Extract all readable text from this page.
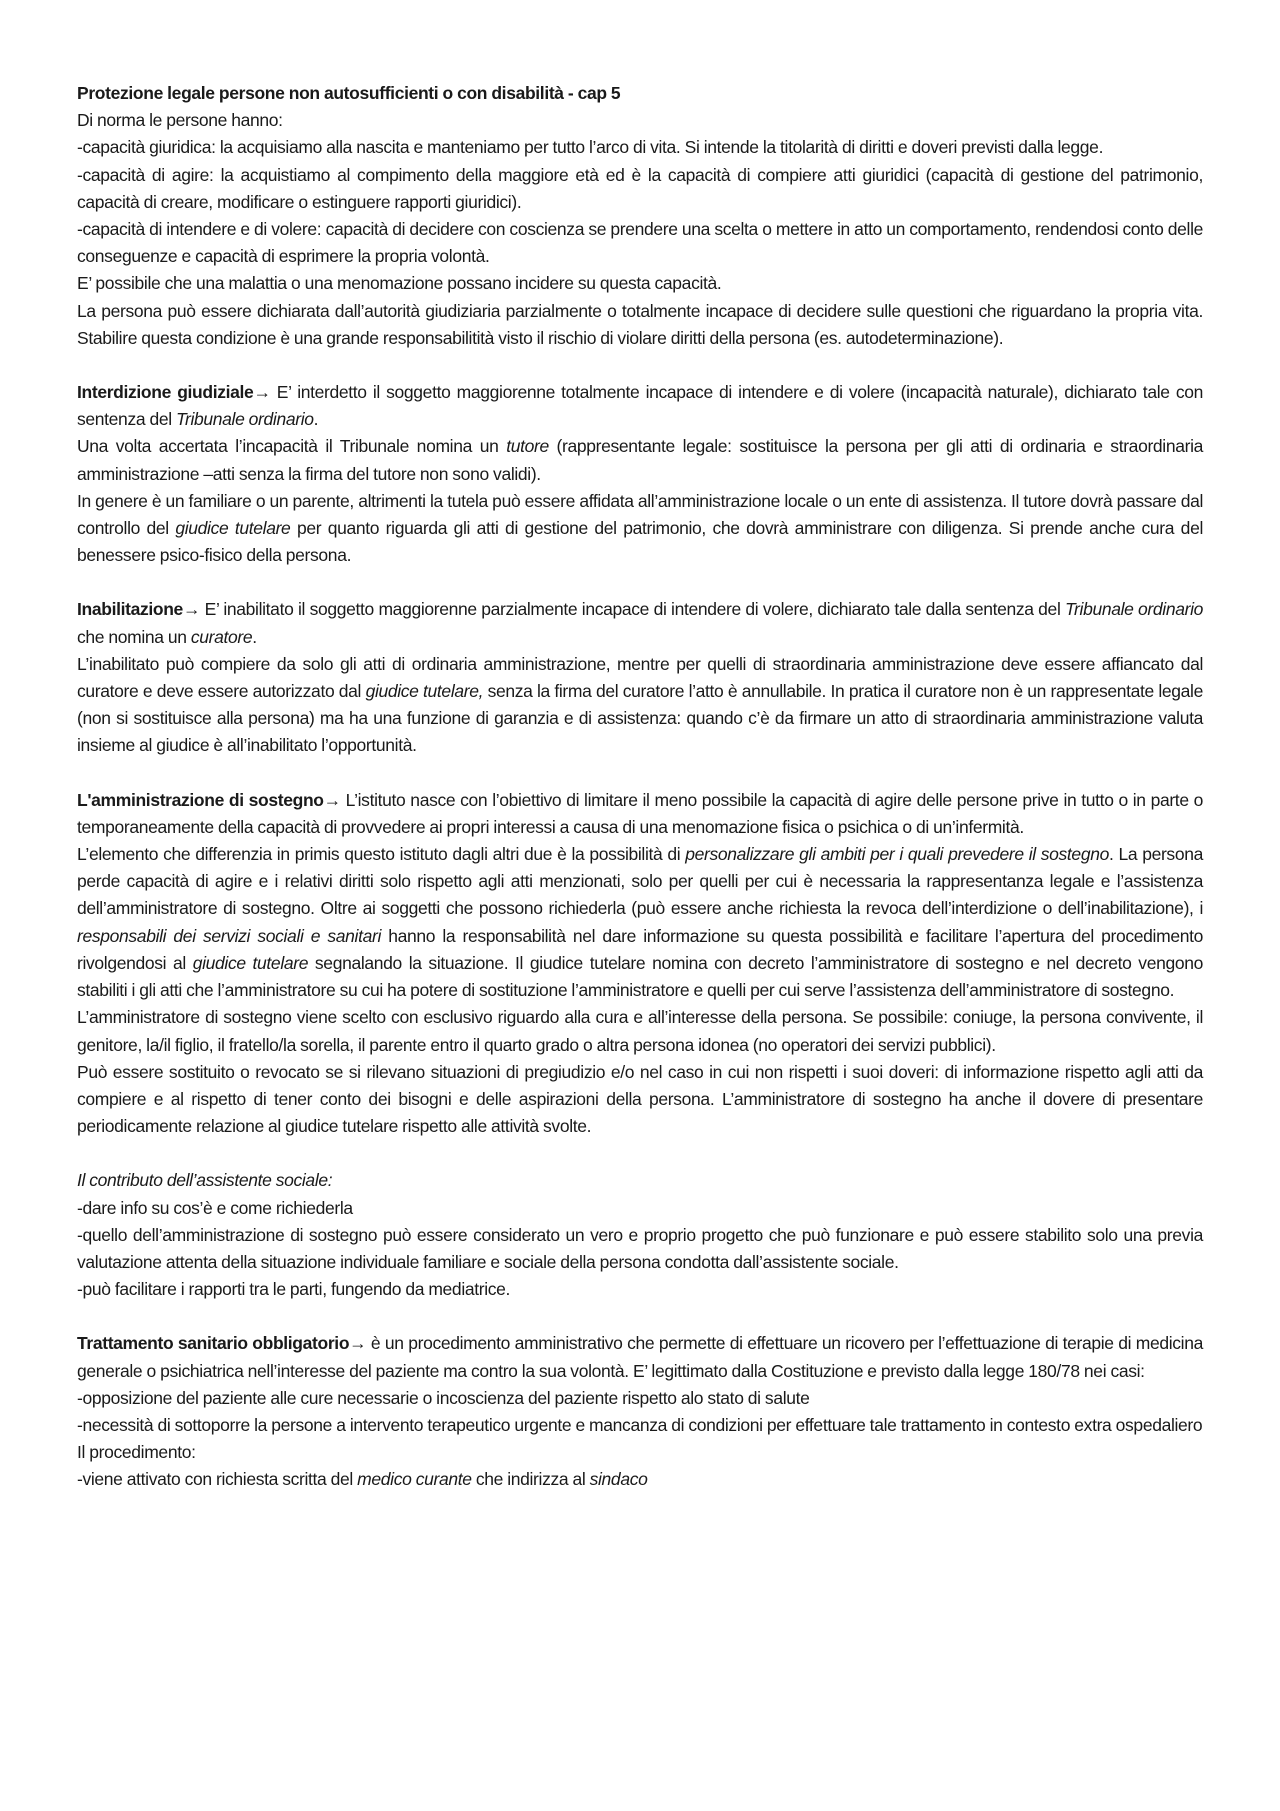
Protezione legale persone non autosufficienti o con disabilità - cap 5

Di norma le persone hanno:

-capacità giuridica: la acquisiamo alla nascita e manteniamo per tutto l’arco di vita. Si intende la titolarità di diritti e doveri previsti dalla legge.

-capacità di agire: la acquistiamo al compimento della maggiore età ed è la capacità di compiere atti giuridici (capacità di gestione del patrimonio, capacità di creare, modificare o estinguere rapporti giuridici).

-capacità di intendere e di volere: capacità di decidere con coscienza se prendere una scelta o mettere in atto un comportamento, rendendosi conto delle conseguenze e capacità di esprimere la propria volontà.

E’ possibile che una malattia o una menomazione possano incidere su questa capacità.

La persona può essere dichiarata dall’autorità giudiziaria parzialmente o totalmente incapace di decidere sulle questioni che riguardano la propria vita. Stabilire questa condizione è una grande responsabilitità visto il rischio di violare diritti della persona (es. autodeterminazione).

Interdizione giudiziale→ E’ interdetto il soggetto maggiorenne totalmente incapace di intendere e di volere (incapacità naturale), dichiarato tale con sentenza del Tribunale ordinario.

Una volta accertata l’incapacità il Tribunale nomina un tutore (rappresentante legale: sostituisce la persona per gli atti di ordinaria e straordinaria amministrazione –atti senza la firma del tutore non sono validi).

In genere è un familiare o un parente, altrimenti la tutela può essere affidata all’amministrazione locale o un ente di assistenza. Il tutore dovrà passare dal controllo del giudice tutelare per quanto riguarda gli atti di gestione del patrimonio, che dovrà amministrare con diligenza. Si prende anche cura del benessere psico-fisico della persona.

Inabilitazione→ E’ inabilitato il soggetto maggiorenne parzialmente incapace di intendere di volere, dichiarato tale dalla sentenza del Tribunale ordinario che nomina un curatore.

L’inabilitato può compiere da solo gli atti di ordinaria amministrazione, mentre per quelli di straordinaria amministrazione deve essere affiancato dal curatore e deve essere autorizzato dal giudice tutelare, senza la firma del curatore l’atto è annullabile. In pratica il curatore non è un rappresentate legale (non si sostituisce alla persona) ma ha una funzione di garanzia e di assistenza: quando c’è da firmare un atto di straordinaria amministrazione valuta insieme al giudice è all’inabilitato l’opportunità.

L'amministrazione di sostegno→ L’istituto nasce con l’obiettivo di limitare il meno possibile la capacità di agire delle persone prive in tutto o in parte o temporaneamente della capacità di provvedere ai propri interessi a causa di una menomazione fisica o psichica o di un’infermità.

L’elemento che differenzia in primis questo istituto dagli altri due è la possibilità di personalizzare gli ambiti per i quali prevedere il sostegno. La persona perde capacità di agire e i relativi diritti solo rispetto agli atti menzionati, solo per quelli per cui è necessaria la rappresentanza legale e l’assistenza dell’amministratore di sostegno. Oltre ai soggetti che possono richiederla (può essere anche richiesta la revoca dell’interdizione o dell’inabilitazione), i responsabili dei servizi sociali e sanitari hanno la responsabilità nel dare informazione su questa possibilità e facilitare l’apertura del procedimento rivolgendosi al giudice tutelare segnalando la situazione. Il giudice tutelare nomina con decreto l’amministratore di sostegno e nel decreto vengono stabiliti i gli atti che l’amministratore su cui ha potere di sostituzione l’amministratore e quelli per cui serve l’assistenza dell’amministratore di sostegno.

L’amministratore di sostegno viene scelto con esclusivo riguardo alla cura e all’interesse della persona. Se possibile: coniuge, la persona convivente, il genitore, la/il figlio, il fratello/la sorella, il parente entro il quarto grado o altra persona idonea (no operatori dei servizi pubblici).

Può essere sostituito o revocato se si rilevano situazioni di pregiudizio e/o nel caso in cui non rispetti i suoi doveri: di informazione rispetto agli atti da compiere e al rispetto di tener conto dei bisogni e delle aspirazioni della persona. L’amministratore di sostegno ha anche il dovere di presentare periodicamente relazione al giudice tutelare rispetto alle attività svolte.

Il contributo dell’assistente sociale:

-dare info su cos’è e come richiederla

-quello dell’amministrazione di sostegno può essere considerato un vero e proprio progetto che può funzionare e può essere stabilito solo una previa valutazione attenta della situazione individuale familiare e sociale della persona condotta dall’assistente sociale.

-può facilitare i rapporti tra le parti, fungendo da mediatrice.

Trattamento sanitario obbligatorio→ è un procedimento amministrativo che permette di effettuare un ricovero per l’effettuazione di terapie di medicina generale o psichiatrica nell’interesse del paziente ma contro la sua volontà. E’ legittimato dalla Costituzione e previsto dalla legge 180/78 nei casi:

-opposizione del paziente alle cure necessarie o incoscienza del paziente rispetto alo stato di salute

-necessità di sottoporre la persone a intervento terapeutico urgente e mancanza di condizioni per effettuare tale trattamento in contesto extra ospedaliero

Il procedimento:

-viene attivato con richiesta scritta del medico curante che indirizza al sindaco
